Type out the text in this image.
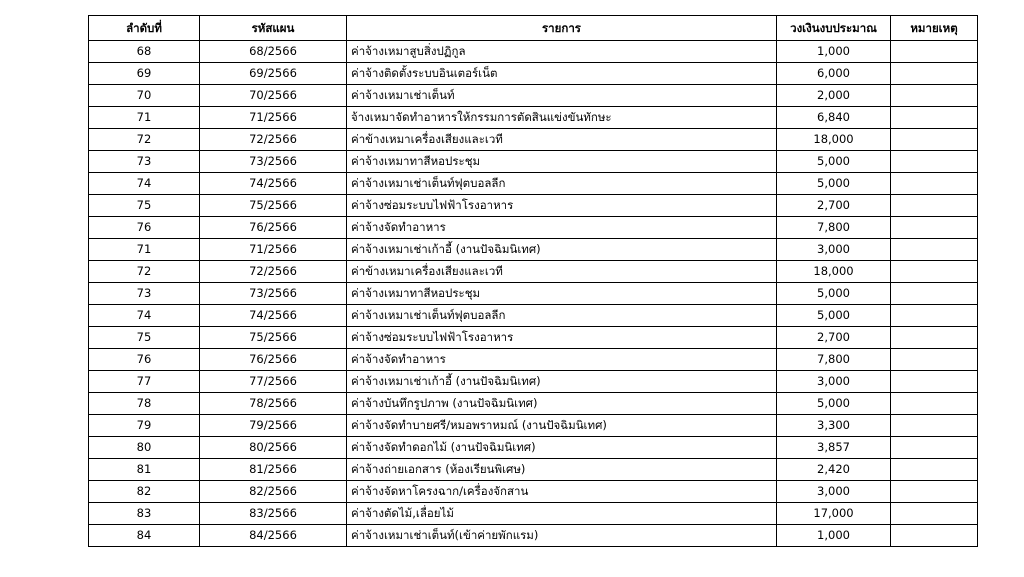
ลำดับที่	รหัสแผน	รายการ	วงเงินงบประมาณ	หมายเหตุ
68	68/2566	ค่าจ้างเหมาสูบสิ่งปฏิกูล	1,000	
69	69/2566	ค่าจ้างติดตั้งระบบอินเตอร์เน็ต	6,000	
70	70/2566	ค่าจ้างเหมาเช่าเต็นท์	2,000	
71	71/2566	จ้างเหมาจัดทำอาหารให้กรรมการตัดสินแข่งขันทักษะ	6,840	
72	72/2566	ค่าข้างเหมาเครื่องเสียงและเวที	18,000	
73	73/2566	ค่าจ้างเหมาทาสีหอประชุม	5,000	
74	74/2566	ค่าจ้างเหมาเช่าเต็นท์ฟุตบอลลีก	5,000	
75	75/2566	ค่าจ้างซ่อมระบบไฟฟ้าโรงอาหาร	2,700	
76	76/2566	ค่าจ้างจัดทำอาหาร	7,800	
71	71/2566	ค่าจ้างเหมาเช่าเก้าอี้ (งานปัจฉิมนิเทศ)	3,000	
72	72/2566	ค่าข้างเหมาเครื่องเสียงและเวที	18,000	
73	73/2566	ค่าจ้างเหมาทาสีหอประชุม	5,000	
74	74/2566	ค่าจ้างเหมาเช่าเต็นท์ฟุตบอลลีก	5,000	
75	75/2566	ค่าจ้างซ่อมระบบไฟฟ้าโรงอาหาร	2,700	
76	76/2566	ค่าจ้างจัดทำอาหาร	7,800	
77	77/2566	ค่าจ้างเหมาเช่าเก้าอี้ (งานปัจฉิมนิเทศ)	3,000	
78	78/2566	ค่าจ้างบันทึกรูปภาพ (งานปัจฉิมนิเทศ)	5,000	
79	79/2566	ค่าจ้างจัดทำบายศรี/หมอพราหมณ์ (งานปัจฉิมนิเทศ)	3,300	
80	80/2566	ค่าจ้างจัดทำดอกไม้ (งานปัจฉิมนิเทศ)	3,857	
81	81/2566	ค่าจ้างถ่ายเอกสาร (ห้องเรียนพิเศษ)	2,420	
82	82/2566	ค่าจ้างจัดหาโครงฉาก/เครื่องจักสาน	3,000	
83	83/2566	ค่าจ้างตัดไม้,เลื่อยไม้	17,000	
84	84/2566	ค่าจ้างเหมาเช่าเต็นท์(เข้าค่ายพักแรม)	1,000	
